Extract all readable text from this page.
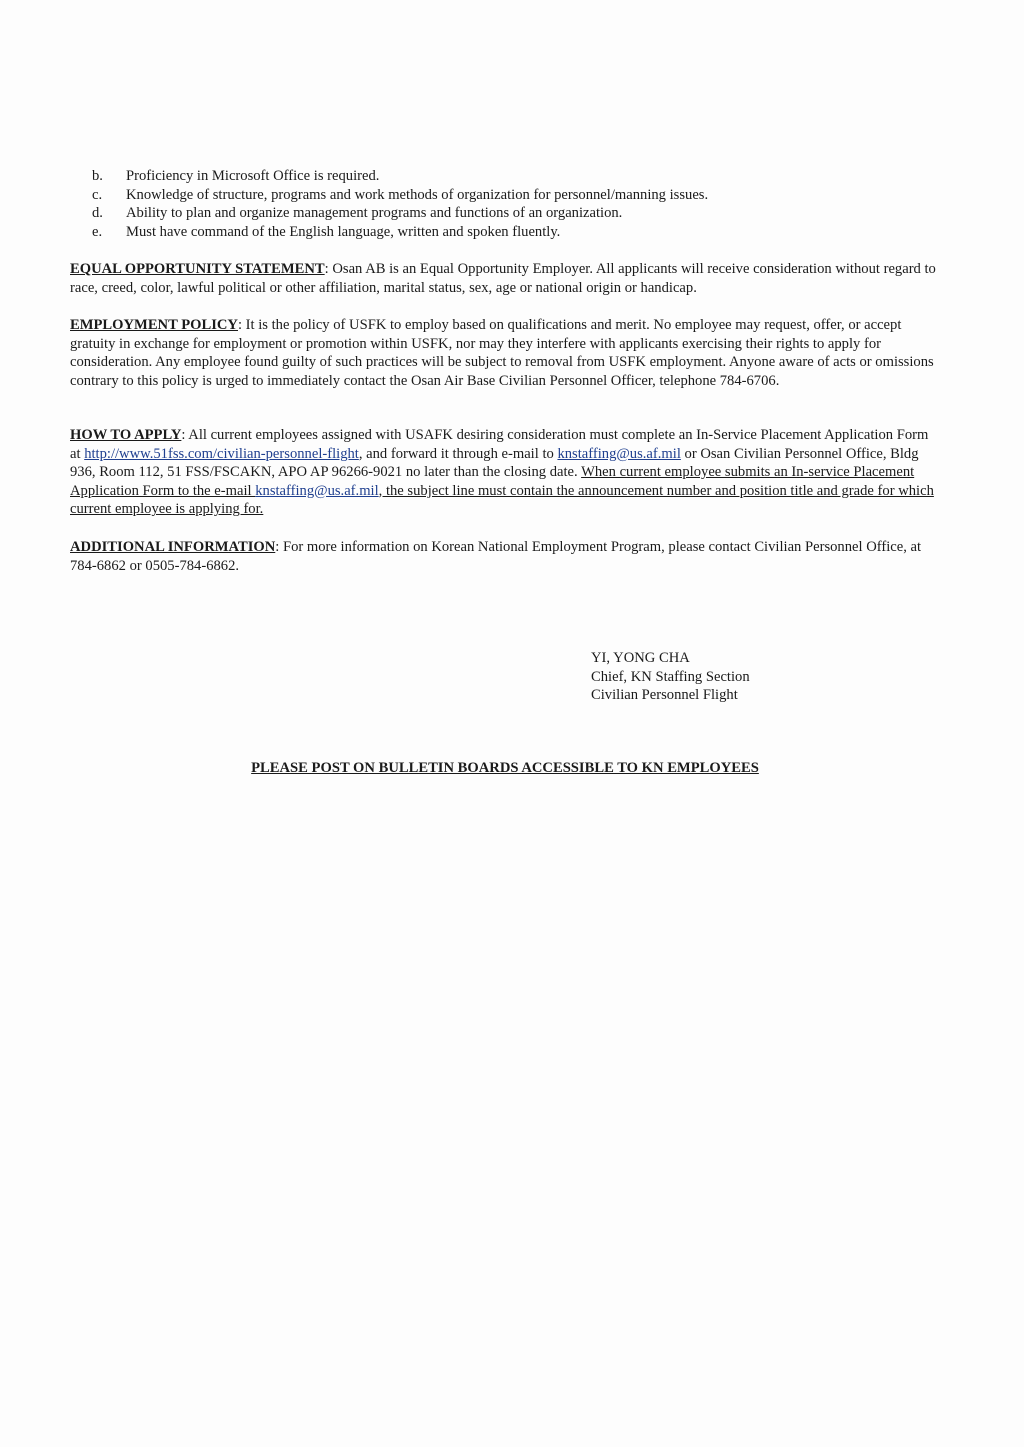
b.	Proficiency in Microsoft Office is required.
c.	Knowledge of structure, programs and work methods of organization for personnel/manning issues.
d.	Ability to plan and organize management programs and functions of an organization.
e.	Must have command of the English language, written and spoken fluently.
EQUAL OPPORTUNITY STATEMENT: Osan AB is an Equal Opportunity Employer. All applicants will receive consideration without regard to race, creed, color, lawful political or other affiliation, marital status, sex, age or national origin or handicap.
EMPLOYMENT POLICY: It is the policy of USFK to employ based on qualifications and merit. No employee may request, offer, or accept gratuity in exchange for employment or promotion within USFK, nor may they interfere with applicants exercising their rights to apply for consideration. Any employee found guilty of such practices will be subject to removal from USFK employment. Anyone aware of acts or omissions contrary to this policy is urged to immediately contact the Osan Air Base Civilian Personnel Officer, telephone 784-6706.
HOW TO APPLY: All current employees assigned with USAFK desiring consideration must complete an In-Service Placement Application Form at http://www.51fss.com/civilian-personnel-flight, and forward it through e-mail to knstaffing@us.af.mil or Osan Civilian Personnel Office, Bldg 936, Room 112, 51 FSS/FSCAKN, APO AP 96266-9021 no later than the closing date. When current employee submits an In-service Placement Application Form to the e-mail knstaffing@us.af.mil, the subject line must contain the announcement number and position title and grade for which current employee is applying for.
ADDITIONAL INFORMATION: For more information on Korean National Employment Program, please contact Civilian Personnel Office, at 784-6862 or 0505-784-6862.
YI, YONG CHA
Chief, KN Staffing Section
Civilian Personnel Flight
PLEASE POST ON BULLETIN BOARDS ACCESSIBLE TO KN EMPLOYEES
